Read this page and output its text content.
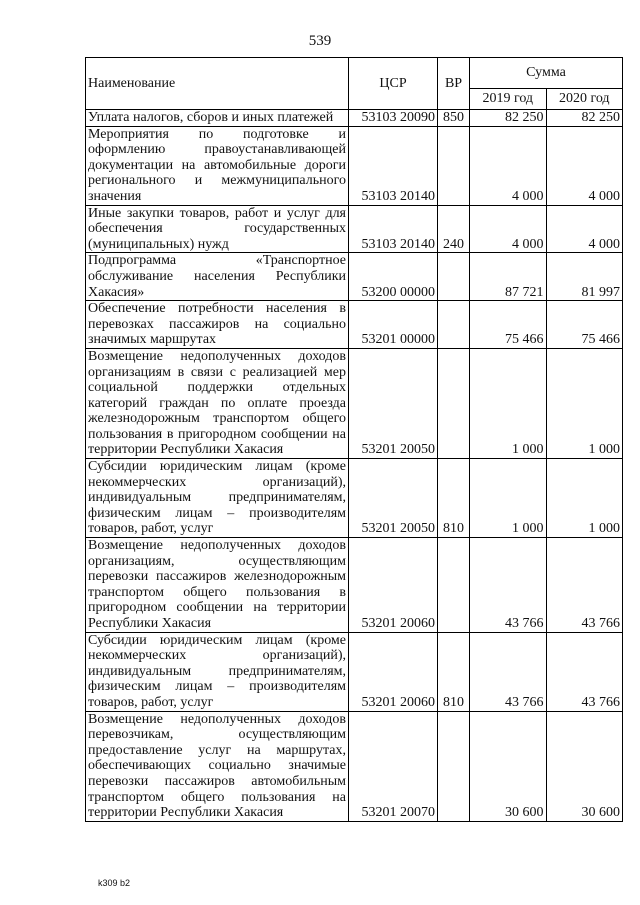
539
Наименование	ЦСР	ВР	Сумма	
			2019 год	2020 год
Уплата налогов, сборов и иных платежей	53103 20090	850	82 250	82 250
Мероприятия по подготовке и оформлению правоустанавливающей документации на автомобильные дороги регионального и межмуниципального значения	53103 20140		4 000	4 000
Иные закупки товаров, работ и услуг для обеспечения государственных (муниципальных) нужд	53103 20140	240	4 000	4 000
Подпрограмма «Транспортное обслуживание населения Республики Хакасия»	53200 00000		87 721	81 997
Обеспечение потребности населения в перевозках пассажиров на социально значимых маршрутах	53201 00000		75 466	75 466
Возмещение недополученных доходов организациям в связи с реализацией мер социальной поддержки отдельных категорий граждан по оплате проезда железнодорожным транспортом общего пользования в пригородном сообщении на территории Республики Хакасия	53201 20050		1 000	1 000
Субсидии юридическим лицам (кроме некоммерческих организаций), индивидуальным предпринимателям, физическим лицам – производителям товаров, работ, услуг	53201 20050	810	1 000	1 000
Возмещение недополученных доходов организациям, осуществляющим перевозки пассажиров железнодорожным транспортом общего пользования в пригородном сообщении на территории Республики Хакасия	53201 20060		43 766	43 766
Субсидии юридическим лицам (кроме некоммерческих организаций), индивидуальным предпринимателям, физическим лицам – производителям товаров, работ, услуг	53201 20060	810	43 766	43 766
Возмещение недополученных доходов перевозчикам, осуществляющим предоставление услуг на маршрутах, обеспечивающих социально значимые перевозки пассажиров автомобильным транспортом общего пользования на территории Республики Хакасия	53201 20070		30 600	30 600
k309 b2
